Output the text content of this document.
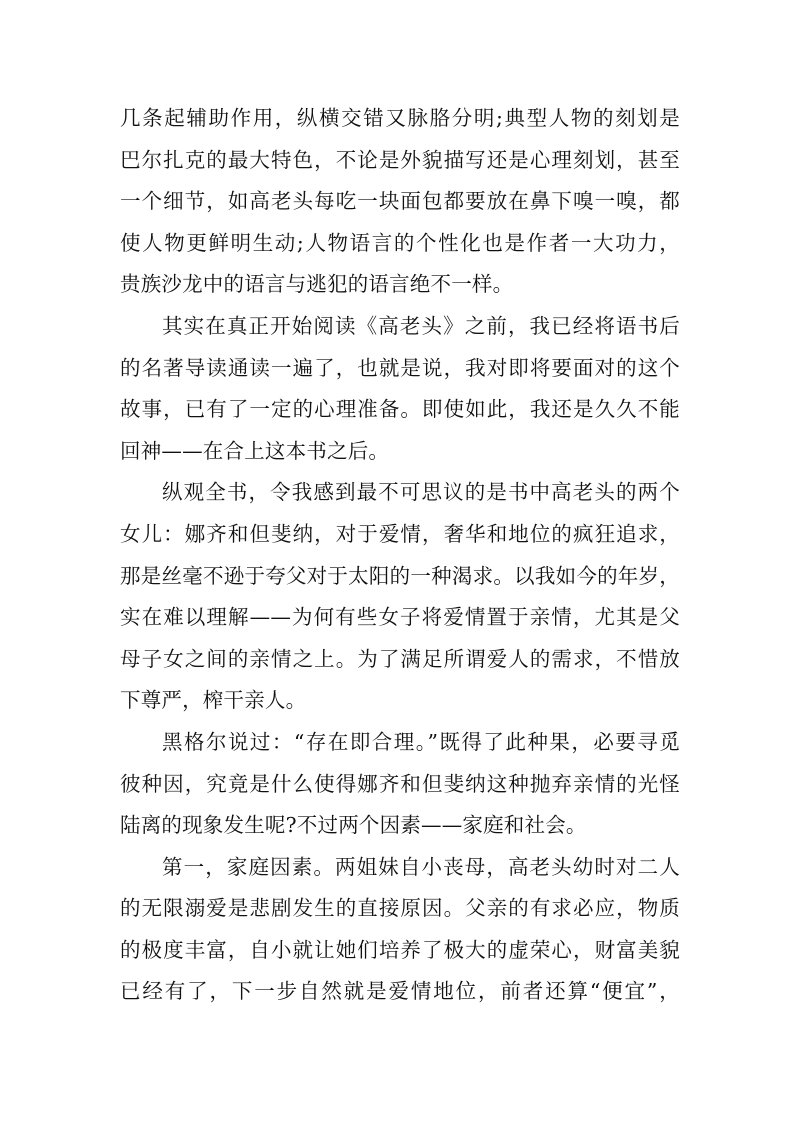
几条起辅助作用，纵横交错又脉胳分明;典型人物的刻划是
巴尔扎克的最大特色，不论是外貌描写还是心理刻划，甚至
一个细节，如高老头每吃一块面包都要放在鼻下嗅一嗅，都
使人物更鲜明生动;人物语言的个性化也是作者一大功力，
贵族沙龙中的语言与逃犯的语言绝不一样。
其实在真正开始阅读《高老头》之前，我已经将语书后
的名著导读通读一遍了，也就是说，我对即将要面对的这个
故事，已有了一定的心理准备。即使如此，我还是久久不能
回神——在合上这本书之后。
纵观全书，令我感到最不可思议的是书中高老头的两个
女儿：娜齐和但斐纳，对于爱情，奢华和地位的疯狂追求，
那是丝毫不逊于夸父对于太阳的一种渴求。以我如今的年岁，
实在难以理解——为何有些女子将爱情置于亲情，尤其是父
母子女之间的亲情之上。为了满足所谓爱人的需求，不惜放
下尊严，榨干亲人。
黑格尔说过：“存在即合理。”既得了此种果，必要寻觅
彼种因，究竟是什么使得娜齐和但斐纳这种抛弃亲情的光怪
陆离的现象发生呢?不过两个因素——家庭和社会。
第一，家庭因素。两姐妹自小丧母，高老头幼时对二人
的无限溺爱是悲剧发生的直接原因。父亲的有求必应，物质
的极度丰富，自小就让她们培养了极大的虚荣心，财富美貌
已经有了，下一步自然就是爱情地位，前者还算“便宜”，
